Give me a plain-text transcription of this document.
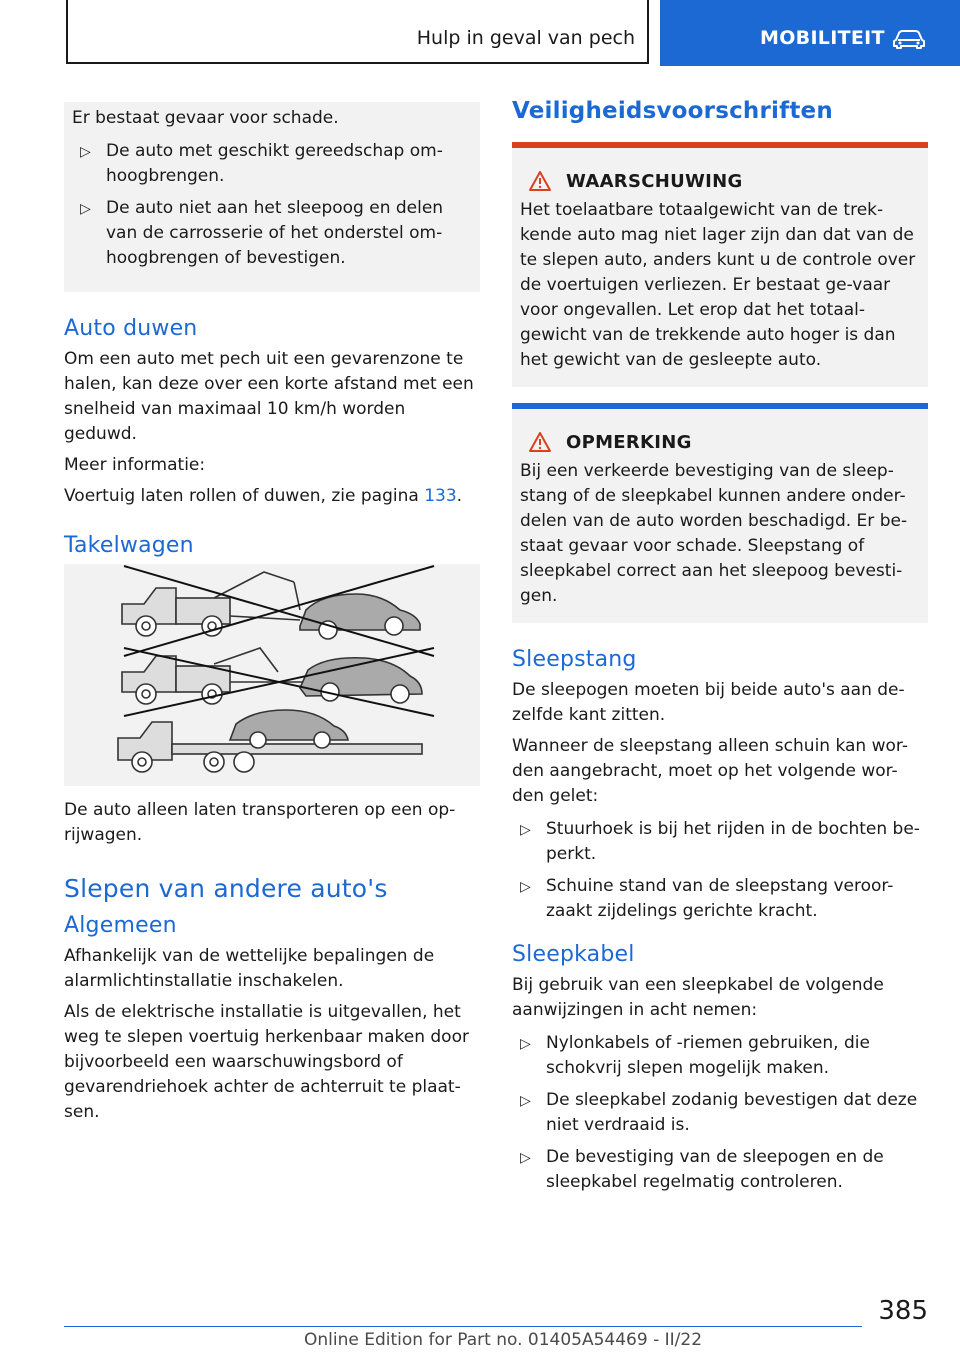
Hulp in geval van pech	MOBILITEIT
Er bestaat gevaar voor schade.
▷ De auto met geschikt gereedschap om-hoogbrengen.
▷ De auto niet aan het sleepoog en delen van de carrosserie of het onderstel om-hoogbrengen of bevestigen.
Auto duwen

Om een auto met pech uit een gevarenzone te halen, kan deze over een korte afstand met een snelheid van maximaal 10 km/h worden geduwd.

Meer informatie:

Voertuig laten rollen of duwen, zie pagina 133.

Takelwagen

De auto alleen laten transporteren op een op-rijwagen.

Slepen van andere auto's
Algemeen

Afhankelijk van de wettelijke bepalingen de alarmlichtinstallatie inschakelen.

Als de elektrische installatie is uitgevallen, het weg te slepen voertuig herkenbaar maken door bijvoorbeeld een waarschuwingsbord of gevarendriehoek achter de achterruit te plaat-sen.

Veiligheidsvoorschriften
WAARSCHUWING

Het toelaatbare totaalgewicht van de trek-kende auto mag niet lager zijn dan dat van de te slepen auto, anders kunt u de controle over de voertuigen verliezen. Er bestaat ge-vaar voor ongevallen. Let erop dat het totaal-gewicht van de trekkende auto hoger is dan het gewicht van de gesleepte auto.

OPMERKING

Bij een verkeerde bevestiging van de sleep-stang of de sleepkabel kunnen andere onder-delen van de auto worden beschadigd. Er be-staat gevaar voor schade. Sleepstang of sleepkabel correct aan het sleepoog bevesti-gen.

Sleepstang

De sleepogen moeten bij beide auto's aan de-zelfde kant zitten.

Wanneer de sleepstang alleen schuin kan wor-den aangebracht, moet op het volgende wor-den gelet:

▷ Stuurhoek is bij het rijden in de bochten be-perkt.
▷ Schuine stand van de sleepstang veroor-zaakt zijdelings gerichte kracht.
Sleepkabel

Bij gebruik van een sleepkabel de volgende aanwijzingen in acht nemen:

▷ Nylonkabels of -riemen gebruiken, die schokvrij slepen mogelijk maken.
▷ De sleepkabel zodanig bevestigen dat deze niet verdraaid is.
▷ De bevestiging van de sleepogen en de sleepkabel regelmatig controleren.
385
Online Edition for Part no. 01405A54469 - II/22
